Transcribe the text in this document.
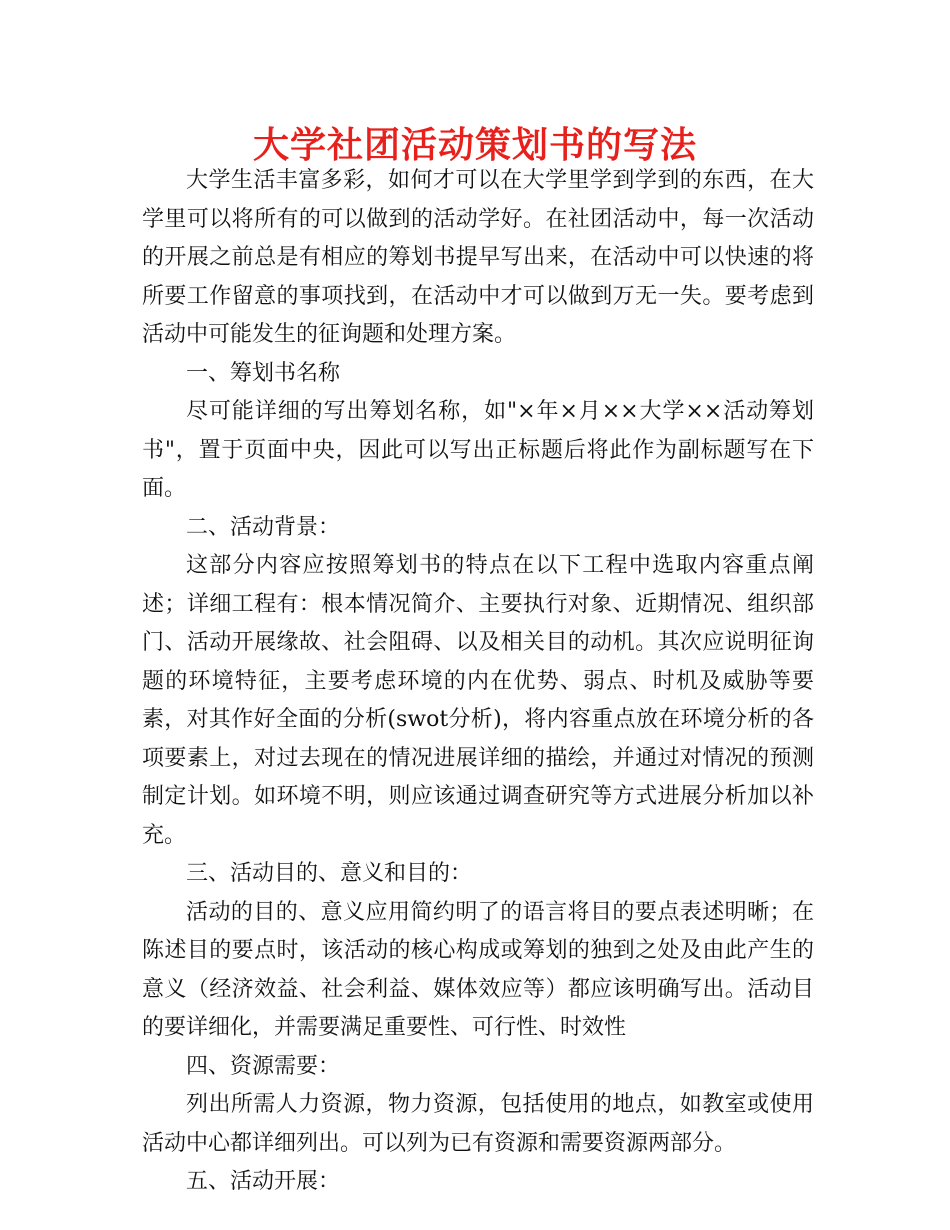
大学社团活动策划书的写法

大学生活丰富多彩，如何才可以在大学里学到学到的东西，在大学里可以将所有的可以做到的活动学好。在社团活动中，每一次活动的开展之前总是有相应的筹划书提早写出来，在活动中可以快速的将所要工作留意的事项找到，在活动中才可以做到万无一失。要考虑到活动中可能发生的征询题和处理方案。

一、筹划书名称

尽可能详细的写出筹划名称，如"×年×月××大学××活动筹划书"，置于页面中央，因此可以写出正标题后将此作为副标题写在下面。

二、活动背景：

这部分内容应按照筹划书的特点在以下工程中选取内容重点阐述；详细工程有：根本情况简介、主要执行对象、近期情况、组织部门、活动开展缘故、社会阻碍、以及相关目的动机。其次应说明征询题的环境特征，主要考虑环境的内在优势、弱点、时机及威胁等要素，对其作好全面的分析(swot分析)，将内容重点放在环境分析的各项要素上，对过去现在的情况进展详细的描绘，并通过对情况的预测制定计划。如环境不明，则应该通过调查研究等方式进展分析加以补充。

三、活动目的、意义和目的：

活动的目的、意义应用简约明了的语言将目的要点表述明晰；在陈述目的要点时，该活动的核心构成或筹划的独到之处及由此产生的意义（经济效益、社会利益、媒体效应等）都应该明确写出。活动目的要详细化，并需要满足重要性、可行性、时效性

四、资源需要：

列出所需人力资源，物力资源，包括使用的地点，如教室或使用活动中心都详细列出。可以列为已有资源和需要资源两部分。

五、活动开展：
